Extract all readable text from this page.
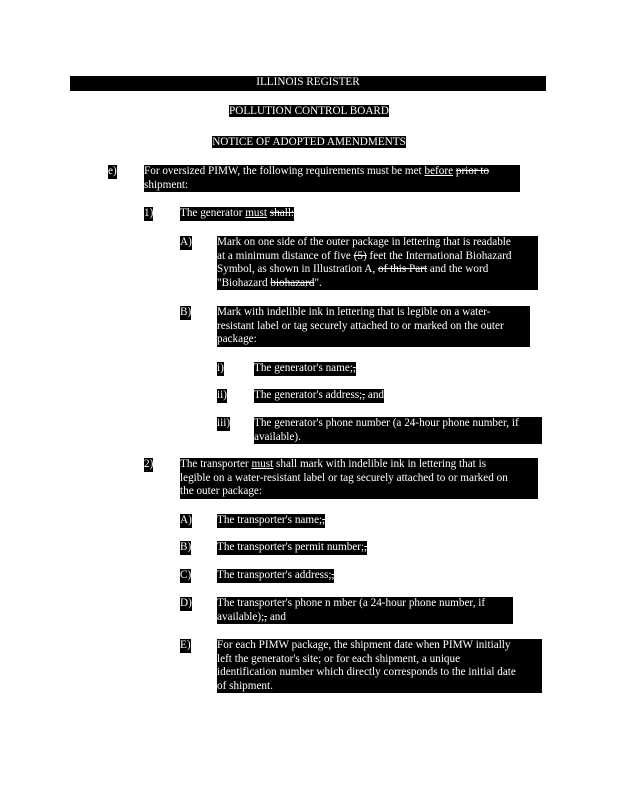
ILLINOIS REGISTER
POLLUTION CONTROL BOARD
NOTICE OF ADOPTED AMENDMENTS
e) For oversized PIMW, the following requirements must be met before prior to
shipment:
1) The generator must shall:
A) Mark on one side of the outer package in lettering that is readable
at a minimum distance of five (5) feet the International Biohazard
Symbol, as shown in Illustration A, of this Part and the word
"Biohazard biohazard".
B) Mark with indelible ink in lettering that is legible on a water-
resistant label or tag securely attached to or marked on the outer
package:
i)	The generator's name;,
ii) The generator's address;, and
iii) The generator's phone number (a 24-hour phone number, if
available).
2) The transporter must shall mark with indelible ink in lettering that is
legible on a water-resistant label or tag securely attached to or marked on
the outer package:
A) The transporter's name;,
B) The transporter's permit number;,
C) The transporter's address;,
D) The transporter's phone n mber (a 24-hour phone number, if
available);, and
E) For each PIMW package, the shipment date when PIMW initially
left the generator's site; or for each shipment, a unique
identification number which directly corresponds to the initial date
of shipment.
